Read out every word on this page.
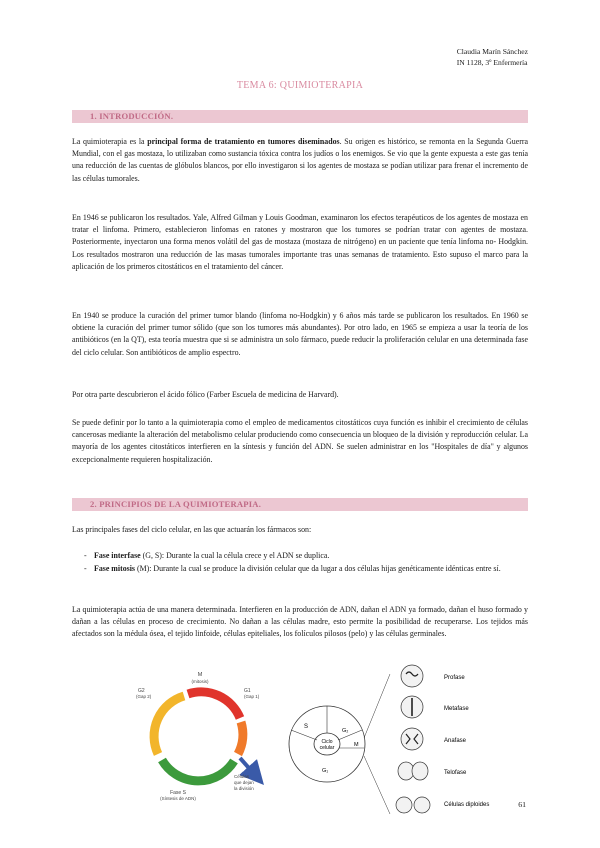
Claudia Marín Sánchez
IN 1128, 3º Enfermería
TEMA 6: QUIMIOTERAPIA
1. INTRODUCCIÓN.
La quimioterapia es la principal forma de tratamiento en tumores diseminados. Su origen es histórico, se remonta en la Segunda Guerra Mundial, con el gas mostaza, lo utilizaban como sustancia tóxica contra los judíos o los enemigos. Se vio que la gente expuesta a este gas tenía una reducción de las cuentas de glóbulos blancos, por ello investigaron si los agentes de mostaza se podían utilizar para frenar el incremento de las células tumorales.
En 1946 se publicaron los resultados. Yale, Alfred Gilman y Louis Goodman, examinaron los efectos terapéuticos de los agentes de mostaza en tratar el linfoma. Primero, establecieron linfomas en ratones y mostraron que los tumores se podrían tratar con agentes de mostaza. Posteriormente, inyectaron una forma menos volátil del gas de mostaza (mostaza de nitrógeno) en un paciente que tenía linfoma no- Hodgkin. Los resultados mostraron una reducción de las masas tumorales importante tras unas semanas de tratamiento. Esto supuso el marco para la aplicación de los primeros citostáticos en el tratamiento del cáncer.
En 1940 se produce la curación del primer tumor blando (linfoma no-Hodgkin) y 6 años más tarde se publicaron los resultados. En 1960 se obtiene la curación del primer tumor sólido (que son los tumores más abundantes). Por otro lado, en 1965 se empieza a usar la teoría de los antibióticos (en la QT), esta teoría muestra que si se administra un solo fármaco, puede reducir la proliferación celular en una determinada fase del ciclo celular. Son antibióticos de amplio espectro.
Por otra parte descubrieron el ácido fólico (Farber Escuela de medicina de Harvard).
Se puede definir por lo tanto a la quimioterapia como el empleo de medicamentos citostáticos cuya función es inhibir el crecimiento de células cancerosas mediante la alteración del metabolismo celular produciendo como consecuencia un bloqueo de la división y reproducción celular. La mayoría de los agentes citostáticos interfieren en la síntesis y función del ADN. Se suelen administrar en los "Hospitales de día" y algunos excepcionalmente requieren hospitalización.
2. PRINCIPIOS DE LA QUIMIOTERAPIA.
Las principales fases del ciclo celular, en las que actuarán los fármacos son:
- Fase interfase (G, S): Durante la cual la célula crece y el ADN se duplica.
- Fase mitosis (M): Durante la cual se produce la división celular que da lugar a dos células hijas genéticamente idénticas entre sí.
La quimioterapia actúa de una manera determinada. Interfieren en la producción de ADN, dañan el ADN ya formado, dañan el huso formado y dañan a las células en proceso de crecimiento. No dañan a las células madre, esto permite la posibilidad de recuperarse. Los tejidos más afectados son la médula ósea, el tejido linfoide, células epiteliales, los folículos pilosos (pelo) y las células germinales.
M
(mitosis)
G1
(Gap 1)
G2
(Gap 2)
Fase S
(Síntesis de ADN)
Células
que dejan
la división
Ciclo
celular
S
G₂
M
G₁
Profase
Metafase
Anafase
Telofase
Células diploides	61
